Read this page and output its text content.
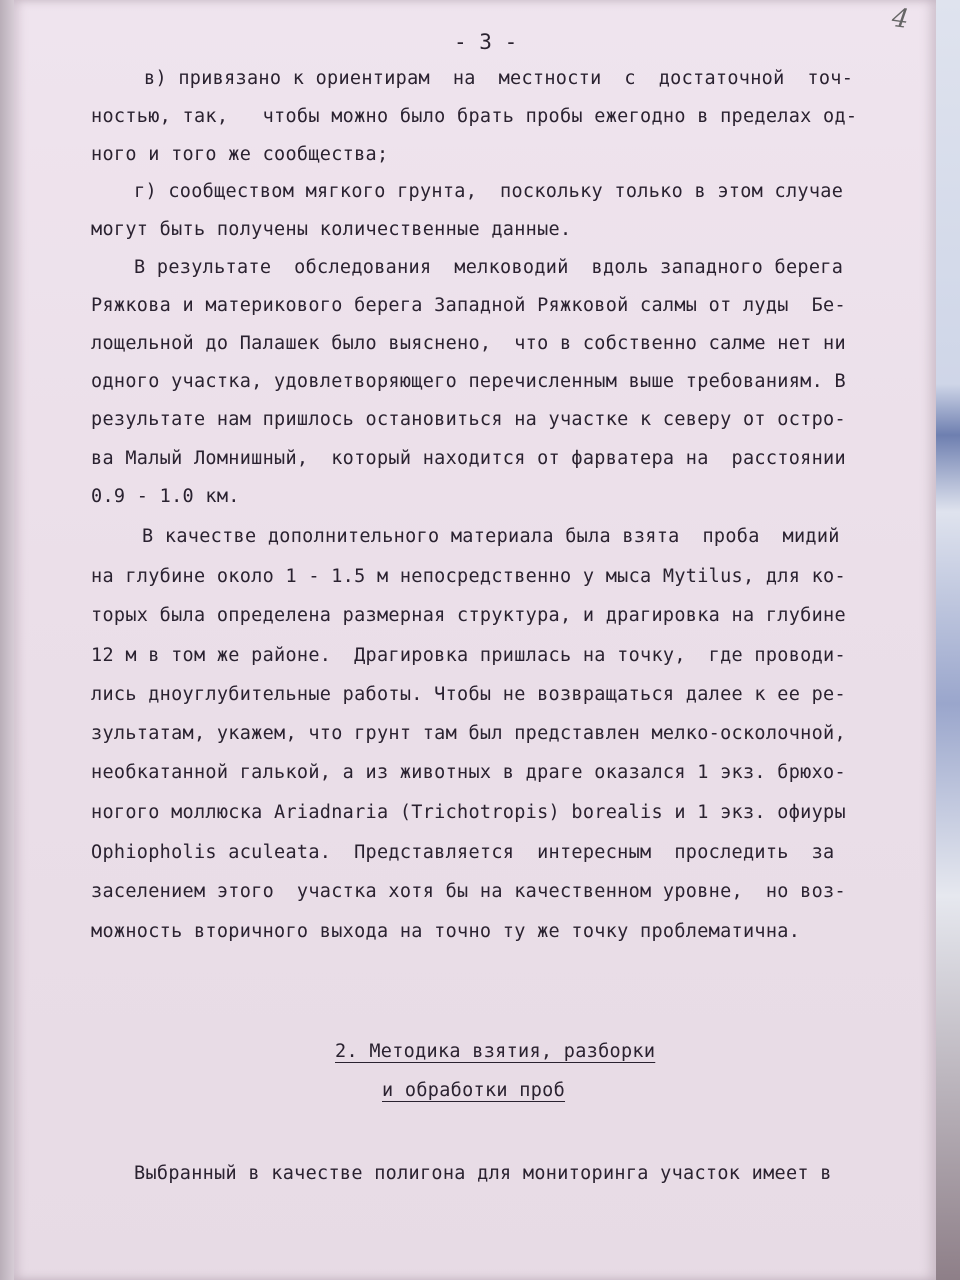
4
- 3 -
в) привязано к ориентирам  на  местности  с  достаточной  точ-
ностью, так,   чтобы можно было брать пробы ежегодно в пределах од-
ного и того же сообщества;
г) сообществом мягкого грунта,  поскольку только в этом случае
могут быть получены количественные данные.
В результате  обследования  мелководий  вдоль западного берега
Ряжкова и материкового берега Западной Ряжковой салмы от луды  Бе-
лощельной до Палашек было выяснено,  что в собственно салме нет ни
одного участка, удовлетворяющего перечисленным выше требованиям. В
результате нам пришлось остановиться на участке к северу от остро-
ва Малый Ломнишный,  который находится от фарватера на  расстоянии
0.9 - 1.0 км.
В качестве дополнительного материала была взята  проба  мидий
на глубине около 1 - 1.5 м непосредственно у мыса Mytilus, для ко-
торых была определена размерная структура, и драгировка на глубине
12 м в том же районе.  Драгировка пришлась на точку,  где проводи-
лись дноуглубительные работы. Чтобы не возвращаться далее к ее ре-
зультатам, укажем, что грунт там был представлен мелко-осколочной,
необкатанной галькой, а из животных в драге оказался 1 экз. брюхо-
ногого моллюска Ariadnaria (Trichotropis) borealis и 1 экз. офиуры
Ophiopholis aculeata.  Представляется  интересным  проследить  за
заселением этого  участка хотя бы на качественном уровне,  но воз-
можность вторичного выхода на точно ту же точку проблематична.
2. Методика взятия, разборки
и обработки проб
Выбранный в качестве полигона для мониторинга участок имеет в
